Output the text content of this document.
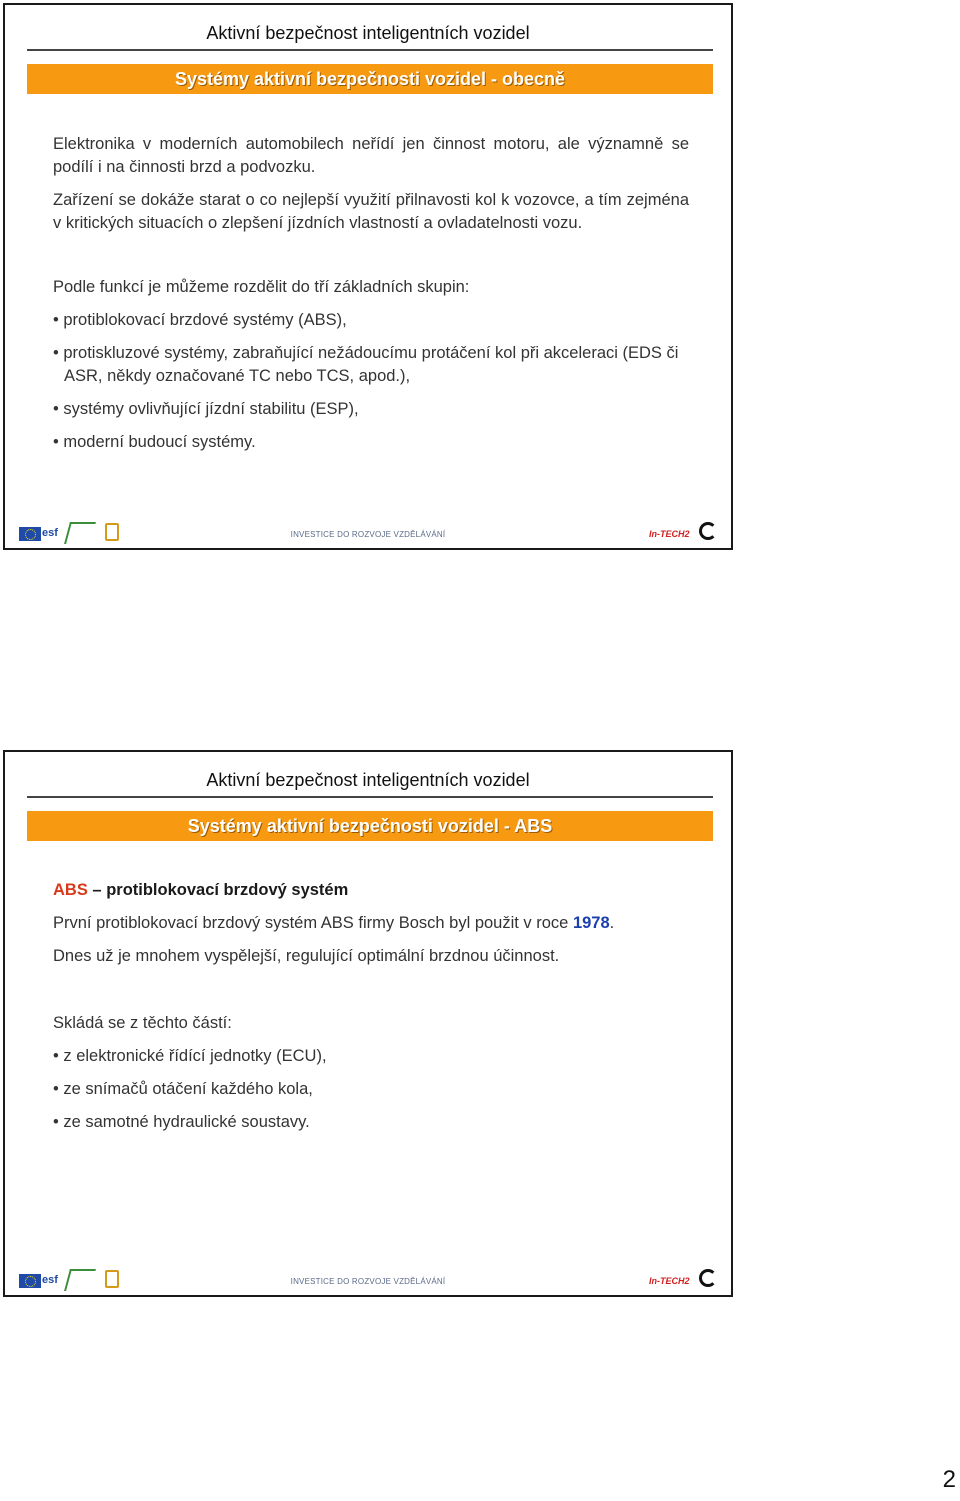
Aktivní bezpečnost inteligentních vozidel
Systémy aktivní bezpečnosti vozidel - obecně

Elektronika v moderních automobilech neřídí jen činnost motoru, ale významně se podílí i na činnosti brzd a podvozku.

Zařízení se dokáže starat o co nejlepší využití přilnavosti kol k vozovce, a tím zejména v kritických situacích o zlepšení jízdních vlastností a ovladatelnosti vozu.

Podle funkcí je můžeme rozdělit do tří základních skupin:

• protiblokovací brzdové systémy (ABS),

• protiskluzové systémy, zabraňující nežádoucímu protáčení kol při akceleraci (EDS či ASR, někdy označované TC nebo TCS, apod.),

• systémy ovlivňující jízdní stabilitu (ESP),

• moderní budoucí systémy.

esf	INVESTICE DO ROZVOJE VZDĚLÁVÁNÍ	In-TECH2
Aktivní bezpečnost inteligentních vozidel
Systémy aktivní bezpečnosti vozidel - ABS

ABS – protiblokovací brzdový systém

První protiblokovací brzdový systém ABS firmy Bosch byl použit v roce 1978.

Dnes už je mnohem vyspělejší, regulující optimální brzdnou účinnost.

Skládá se z těchto částí:

• z elektronické řídící jednotky (ECU),

• ze snímačů otáčení každého kola,

• ze samotné hydraulické soustavy.

esf	INVESTICE DO ROZVOJE VZDĚLÁVÁNÍ	In-TECH2
2
